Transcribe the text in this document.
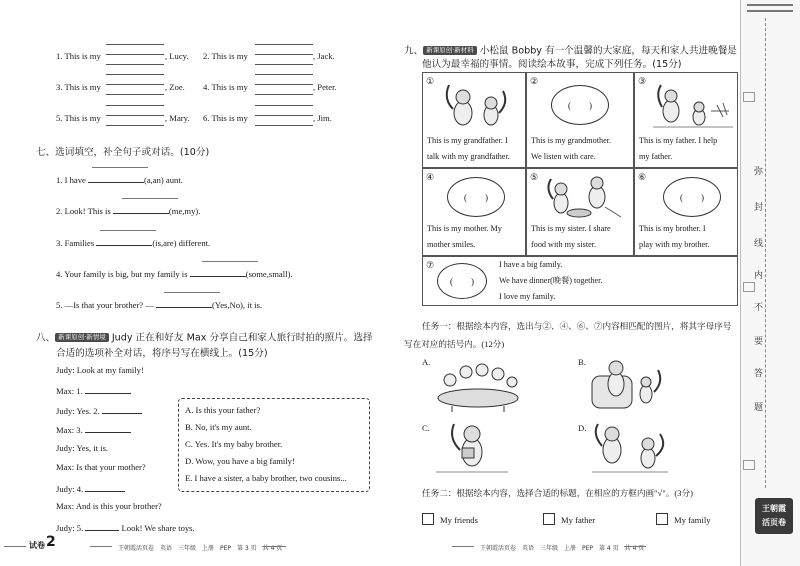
1. This is my	, Lucy. 2. This is my	, Jack.
3. This is my	, Zoe. 4. This is my	, Peter.
5. This is my	, Mary. 6. This is my	, Jim.
七、选词填空，补全句子或对话。(10分)
1. I have	(a,an) aunt.
2. Look! This is	(me,my).
3. Families	(is,are) different.
4. Your family is big, but my family is	(some,small).
5. —Is that your brother? —	(Yes,No), it is.
八、 新课原创·新情境 Judy 正在和好友 Max 分享自己和家人旅行时拍的照片。选择
合适的选项补全对话，将序号写在横线上。(15分)
Judy: Look at my family!
Max: 1.
Judy: Yes. 2.
Max: 3.
Judy: Yes, it is.
Max: Is that your mother?
Judy: 4.
Max: And is this your brother?
Judy: 5.	Look! We share toys.
A. Is this your father?
B. No, it's my aunt.
C. Yes. It's my baby brother.
D. Wow, you have a big family!
E. I have a sister, a baby brother, two cousins...
试卷 2	王朝霞活页卷　英语　三年级　上册　PEP　第 3 页　共 4 页
九、 新课原创·新材料 小松鼠 Bobby 有一个温馨的大家庭，每天和家人共进晚餐是
他认为最幸福的事情。阅读绘本故事，完成下列任务。(15分)
①
This is my grandfather. I
talk with my grandfather.
②
(　　)
This is my grandmother.
We listen with care.
③
This is my father. I help
my father.
④
(　　)
This is my mother. My
mother smiles.
⑤
This is my sister. I share
food with my sister.
⑥
(　　)
This is my brother. I
play with my brother.
⑦
(　　)
I have a big family.
We have dinner(晚餐) together.
I love my family.
任务一：根据绘本内容，选出与②、④、⑥、⑦内容相匹配的图片，将其字母序号
写在对应的括号内。(12分)
A.	B.
C.	D.
任务二：根据绘本内容，选择合适的标题，在相应的方框内画"√"。(3分)
My friends	My father	My family
王朝霞活页卷　英语　三年级　上册　PEP　第 4 页　共 4 页
弥
封
线
内
不
要
答
题
王朝霞
活页卷
